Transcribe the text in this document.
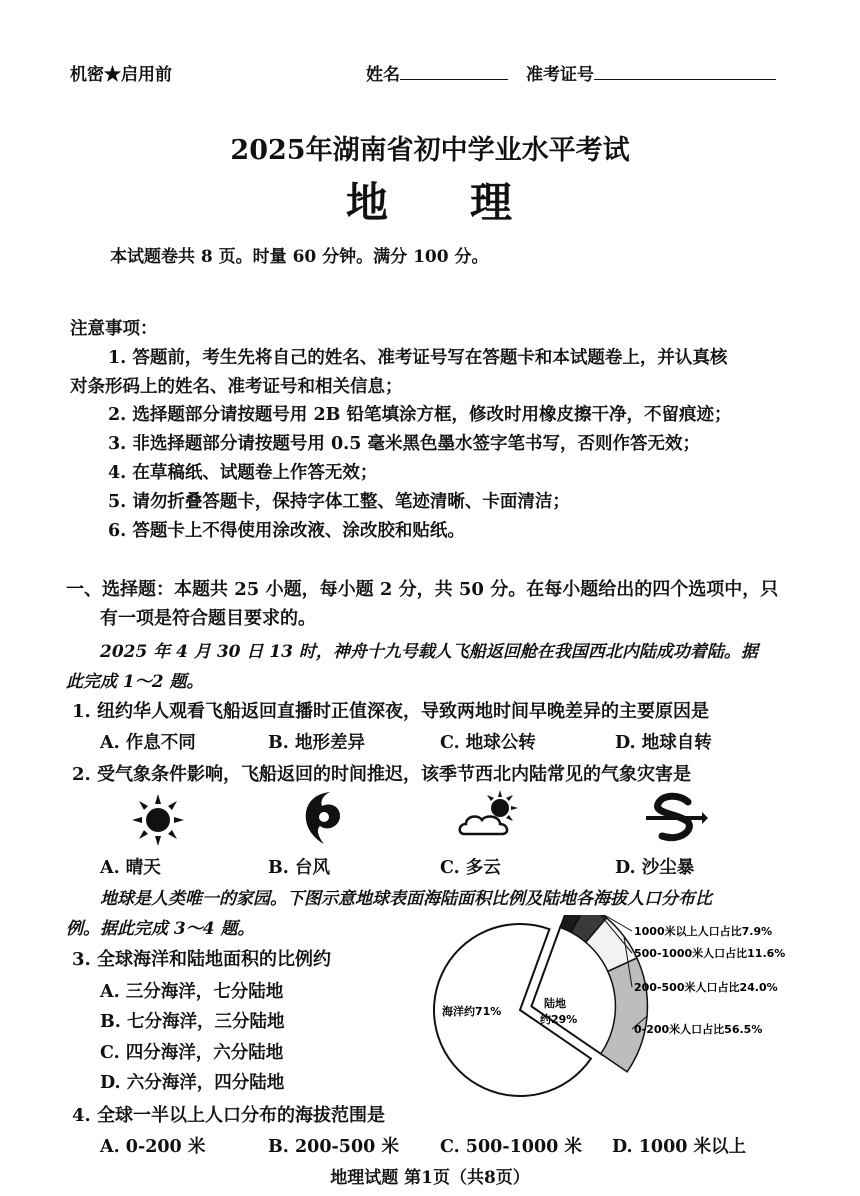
机密★启用前	姓名	准考证号
2025年湖南省初中学业水平考试
地 理
本试题卷共 8 页。时量 60 分钟。满分 100 分。
注意事项：
1. 答题前，考生先将自己的姓名、准考证号写在答题卡和本试题卷上，并认真核
对条形码上的姓名、准考证号和相关信息；
2. 选择题部分请按题号用 2B 铅笔填涂方框，修改时用橡皮擦干净，不留痕迹；
3. 非选择题部分请按题号用 0.5 毫米黑色墨水签字笔书写，否则作答无效；
4. 在草稿纸、试题卷上作答无效；
5. 请勿折叠答题卡，保持字体工整、笔迹清晰、卡面清洁；
6. 答题卡上不得使用涂改液、涂改胶和贴纸。
一、选择题：本题共 25 小题，每小题 2 分，共 50 分。在每小题给出的四个选项中，只
有一项是符合题目要求的。
2025 年 4 月 30 日 13 时，神舟十九号载人飞船返回舱在我国西北内陆成功着陆。据
此完成 1～2 题。
1. 纽约华人观看飞船返回直播时正值深夜，导致两地时间早晚差异的主要原因是
A. 作息不同	B. 地形差异	C. 地球公转	D. 地球自转
2. 受气象条件影响，飞船返回的时间推迟，该季节西北内陆常见的气象灾害是
A. 晴天	B. 台风	C. 多云	D. 沙尘暴
地球是人类唯一的家园。下图示意地球表面海陆面积比例及陆地各海拔人口分布比
例。据此完成 3～4 题。
3. 全球海洋和陆地面积的比例约
A. 三分海洋，七分陆地
B. 七分海洋，三分陆地
C. 四分海洋，六分陆地
D. 六分海洋，四分陆地
1000米以上人口占比7.9%
500-1000米人口占比11.6%
200-500米人口占比24.0%
0-200米人口占比56.5%
海洋约71%
陆地
约29%
4. 全球一半以上人口分布的海拔范围是
A. 0-200 米	B. 200-500 米 C. 500-1000 米 D. 1000 米以上
地理试题 第1页（共8页）
